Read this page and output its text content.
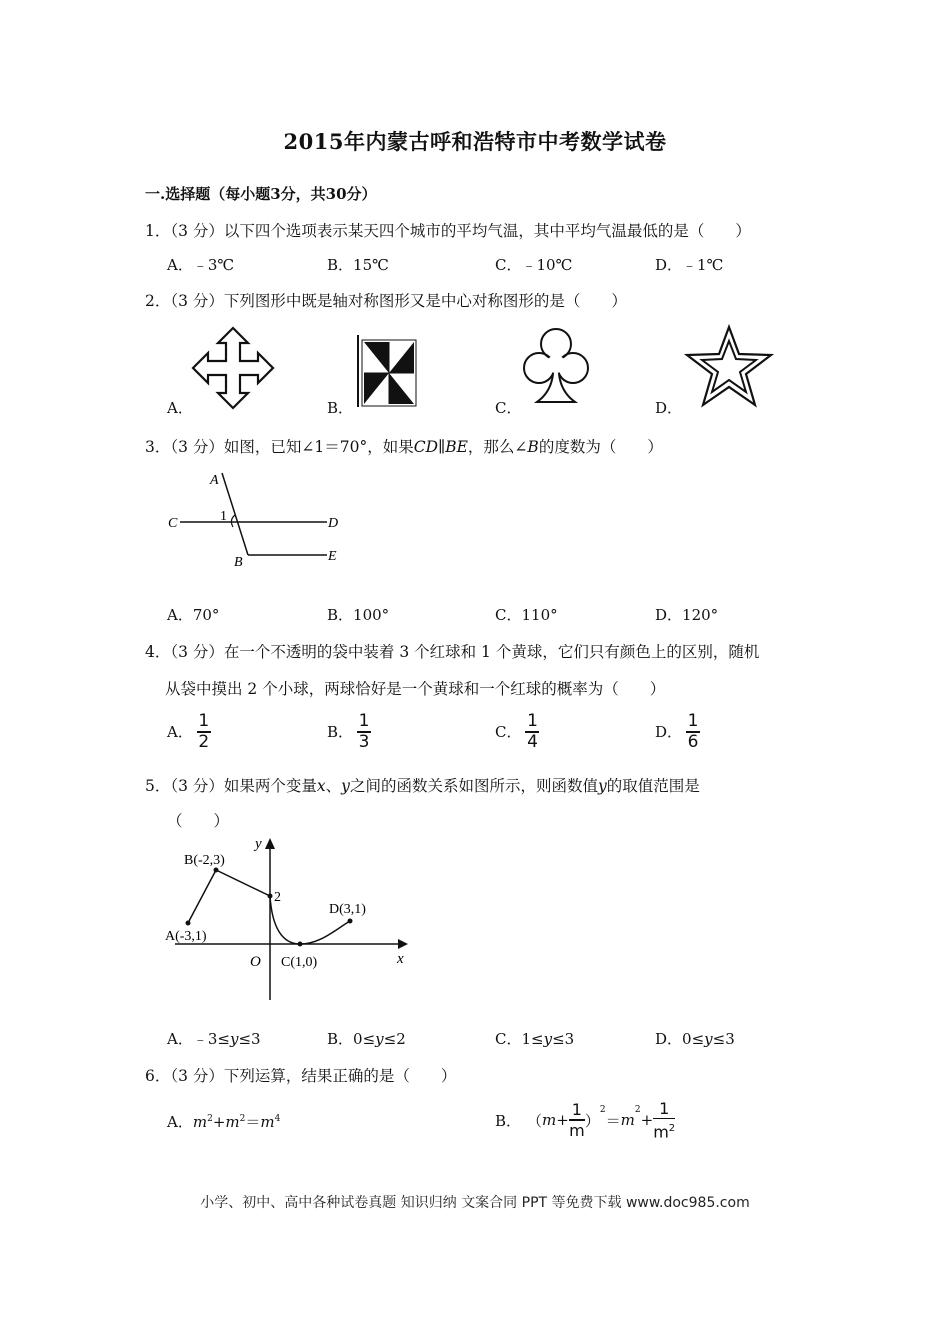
2015年内蒙古呼和浩特市中考数学试卷
一.选择题（每小题3分，共30分）
1．（3 分）以下四个选项表示某天四个城市的平均气温，其中平均气温最低的是（　　）
A．﹣3℃	B．15℃	C．﹣10℃	D．﹣1℃
2．（3 分）下列图形中既是轴对称图形又是中心对称图形的是（　　）
A．	B．	C．	D．
3．（3 分）如图，已知∠1＝70°，如果CD∥BE，那么∠B的度数为（　　）
A
1
C	D
E
B
A．70°	B．100°	C．110°	D．120°
4．（3 分）在一个不透明的袋中装着 3 个红球和 1 个黄球，它们只有颜色上的区别，随机
从袋中摸出 2 个小球，两球恰好是一个黄球和一个红球的概率为（　　）
A． $\frac{1}{2}$	B． $\frac{1}{3}$	C． $\frac{1}{4}$	D． $\frac{1}{6}$
5．（3 分）如果两个变量x、y之间的函数关系如图所示，则函数值y的取值范围是
（　　）
y
x
O
B(-2,3)
2
D(3,1)
A(-3,1)
C(1,0)
A．﹣3≤y≤3	B．0≤y≤2	C．1≤y≤3	D．0≤y≤3
6．（3 分）下列运算，结果正确的是（　　）
A．$m^2+m^2=m^4$	B． （ $m + \frac{1}{m}$ ）
$^2$
＝ m
$^2$
+ $\frac{1}{m^2}$
小学、初中、高中各种试卷真题 知识归纳 文案合同 PPT 等免费下载 www.doc985.com
